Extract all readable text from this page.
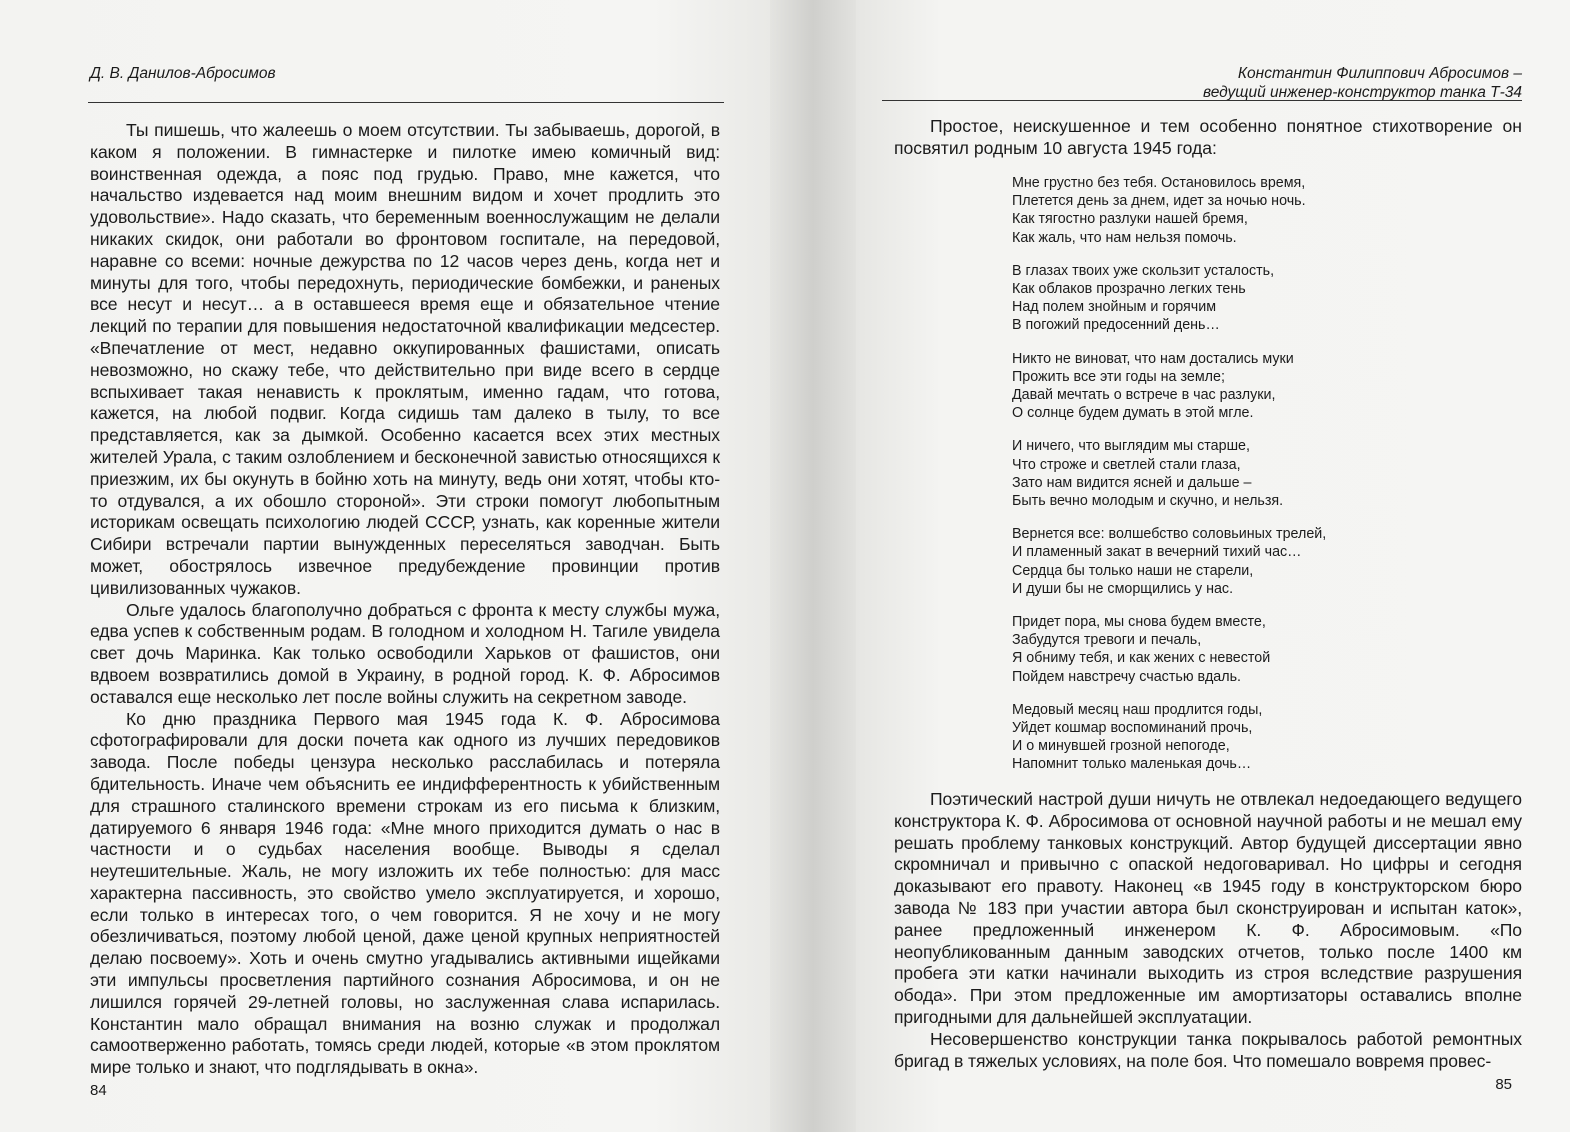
Д. В. Данилов-Абросимов

Ты пишешь, что жалеешь о моем отсутствии. Ты забываешь, дорогой, в каком я положении. В гимнастерке и пилотке имею комичный вид: воинственная одежда, а пояс под грудью. Право, мне кажется, что начальство издевается над моим внешним видом и хочет продлить это удовольствие». Надо сказать, что беременным военнослужащим не делали никаких скидок, они работали во фронтовом госпитале, на передовой, наравне со всеми: ночные дежурства по 12 часов через день, когда нет и минуты для того, чтобы передохнуть, периодические бомбежки, и раненых все несут и несут… а в оставшееся время еще и обязательное чтение лекций по терапии для повышения недостаточной квалификации медсестер. «Впечатление от мест, недавно оккупированных фашистами, описать невозможно, но скажу тебе, что действительно при виде всего в сердце вспыхивает такая ненависть к проклятым, именно гадам, что готова, кажется, на любой подвиг. Когда сидишь там далеко в тылу, то все представляется, как за дымкой. Особенно касается всех этих местных жителей Урала, с таким озлоблением и бесконечной завистью относящихся к приезжим, их бы окунуть в бойню хоть на минуту, ведь они хотят, чтобы кто-то отдувался, а их обошло стороной». Эти строки помогут любопытным историкам освещать психологию людей СССР, узнать, как коренные жители Сибири встречали партии вынужденных переселяться заводчан. Быть может, обострялось извечное предубеждение провинции против цивилизованных чужаков.

Ольге удалось благополучно добраться с фронта к месту службы мужа, едва успев к собственным родам. В голодном и холодном Н. Тагиле увидела свет дочь Маринка. Как только освободили Харьков от фашистов, они вдвоем возвратились домой в Украину, в родной город. К. Ф. Абросимов оставался еще несколько лет после войны служить на секретном заводе.

Ко дню праздника Первого мая 1945 года К. Ф. Абросимова сфотографировали для доски почета как одного из лучших передовиков завода. После победы цензура несколько расслабилась и потеряла бдительность. Иначе чем объяснить ее индифферентность к убийственным для страшного сталинского времени строкам из его письма к близким, датируемого 6 января 1946 года: «Мне много приходится думать о нас в частности и о судьбах населения вообще. Выводы я сделал неутешительные. Жаль, не могу изложить их тебе полностью: для масс характерна пассивность, это свойство умело эксплуатируется, и хорошо, если только в интересах того, о чем говорится. Я не хочу и не могу обезличиваться, поэтому любой ценой, даже ценой крупных неприятностей делаю посвоему». Хоть и очень смутно угадывались активными ищейками эти импульсы просветления партийного сознания Абросимова, и он не лишился горячей 29-летней головы, но заслуженная слава испарилась. Константин мало обращал внимания на возню служак и продолжал самоотверженно работать, томясь среди людей, которые «в этом проклятом мире только и знают, что подглядывать в окна».

84
Константин Филиппович Абросимов –
ведущий инженер-конструктор танка Т-34

Простое, неискушенное и тем особенно понятное стихотворение он посвятил родным 10 августа 1945 года:

Мне грустно без тебя. Остановилось время,
Плетется день за днем, идет за ночью ночь.
Как тягостно разлуки нашей бремя,
Как жаль, что нам нельзя помочь.
В глазах твоих уже скользит усталость,
Как облаков прозрачно легких тень
Над полем знойным и горячим
В погожий предосенний день…
Никто не виноват, что нам достались муки
Прожить все эти годы на земле;
Давай мечтать о встрече в час разлуки,
О солнце будем думать в этой мгле.
И ничего, что выглядим мы старше,
Что строже и светлей стали глаза,
Зато нам видится ясней и дальше –
Быть вечно молодым и скучно, и нельзя.
Вернется все: волшебство соловьиных трелей,
И пламенный закат в вечерний тихий час…
Сердца бы только наши не старели,
И души бы не сморщились у нас.
Придет пора, мы снова будем вместе,
Забудутся тревоги и печаль,
Я обниму тебя, и как жених с невестой
Пойдем навстречу счастью вдаль.
Медовый месяц наш продлится годы,
Уйдет кошмар воспоминаний прочь,
И о минувшей грозной непогоде,
Напомнит только маленькая дочь…

Поэтический настрой души ничуть не отвлекал недоедающего ведущего конструктора К. Ф. Абросимова от основной научной работы и не мешал ему решать проблему танковых конструкций. Автор будущей диссертации явно скромничал и привычно с опаской недоговаривал. Но цифры и сегодня доказывают его правоту. Наконец «в 1945 году в конструкторском бюро завода № 183 при участии автора был сконструирован и испытан каток», ранее предложенный инженером К. Ф. Абросимовым. «По неопубликованным данным заводских отчетов, только после 1400 км пробега эти катки начинали выходить из строя вследствие разрушения обода». При этом предложенные им амортизаторы оставались вполне пригодными для дальнейшей эксплуатации.

Несовершенство конструкции танка покрывалось работой ремонтных бригад в тяжелых условиях, на поле боя. Что помешало вовремя провес-

85
